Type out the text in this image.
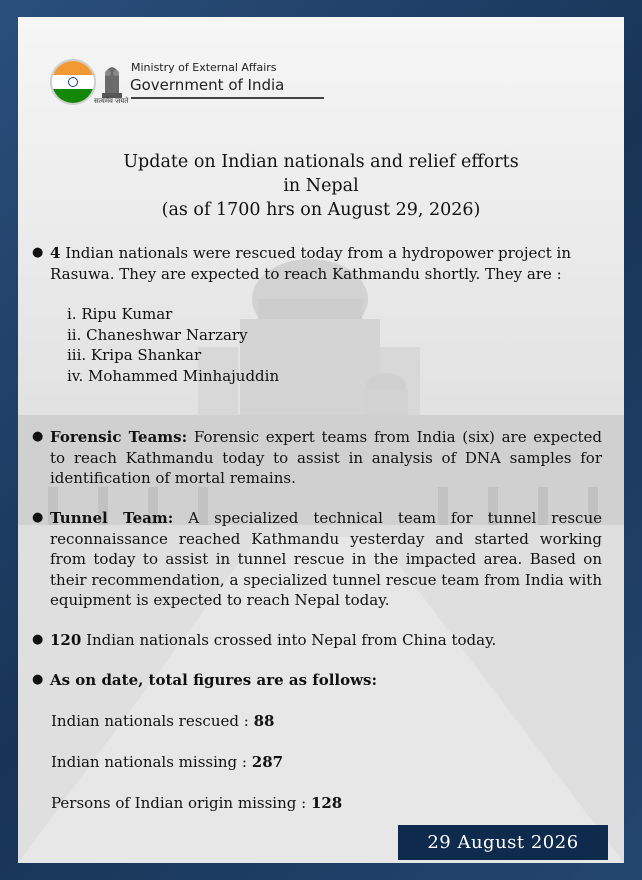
सत्यमेव जयते
Ministry of External Affairs
Government of India
Update on Indian nationals and relief efforts
in Nepal
(as of 1700 hrs on August 29, 2026)
● 4 Indian nationals were rescued today from a hydropower project in Rasuwa. They are expected to reach Kathmandu shortly. They are :
i. Ripu Kumar
ii. Chaneshwar Narzary
iii. Kripa Shankar
iv. Mohammed Minhajuddin
● Forensic Teams: Forensic expert teams from India (six) are expected to reach Kathmandu today to assist in analysis of DNA samples for identification of mortal remains.
● Tunnel Team: A specialized technical team for tunnel rescue reconnaissance reached Kathmandu yesterday and started working from today to assist in tunnel rescue in the impacted area. Based on their recommendation, a specialized tunnel rescue team from India with equipment is expected to reach Nepal today.
● 120 Indian nationals crossed into Nepal from China today.
● As on date, total figures are as follows:
Indian nationals rescued : 88
Indian nationals missing : 287
Persons of Indian origin missing : 128
29 August 2026
